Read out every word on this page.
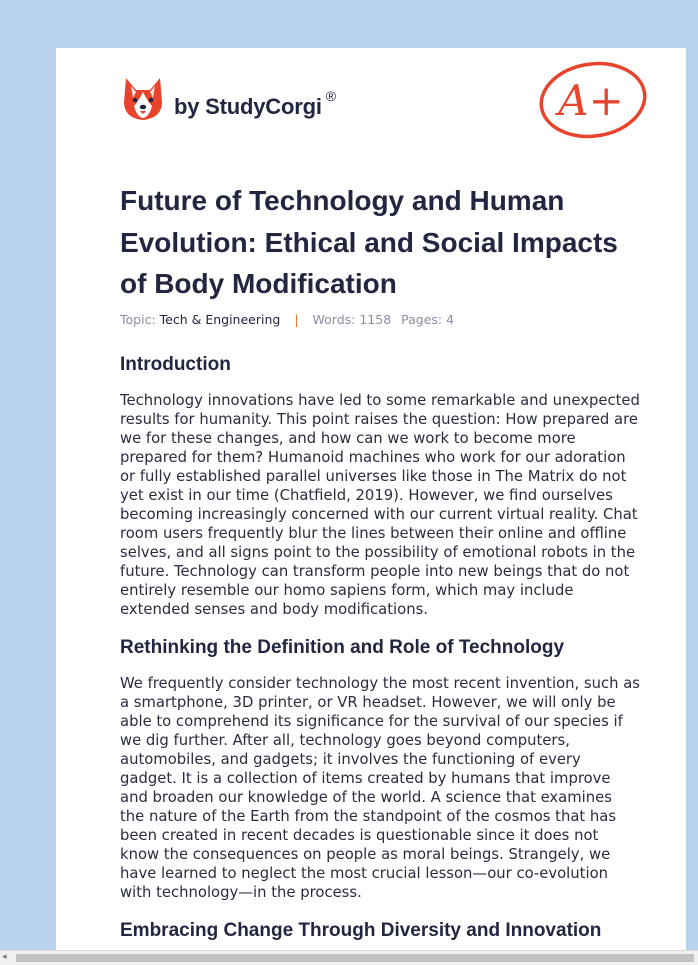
by StudyCorgi ®	A+
Future of Technology and Human Evolution: Ethical and Social Impacts of Body Modification
Topic: Tech & Engineering | Words: 1158 Pages: 4
Introduction

Technology innovations have led to some remarkable and unexpected results for humanity. This point raises the question: How prepared are we for these changes, and how can we work to become more prepared for them? Humanoid machines who work for our adoration or fully established parallel universes like those in The Matrix do not yet exist in our time (Chatfield, 2019). However, we find ourselves becoming increasingly concerned with our current virtual reality. Chat room users frequently blur the lines between their online and offline selves, and all signs point to the possibility of emotional robots in the future. Technology can transform people into new beings that do not entirely resemble our homo sapiens form, which may include extended senses and body modifications.

Rethinking the Definition and Role of Technology

We frequently consider technology the most recent invention, such as a smartphone, 3D printer, or VR headset. However, we will only be able to comprehend its significance for the survival of our species if we dig further. After all, technology goes beyond computers, automobiles, and gadgets; it involves the functioning of every gadget. It is a collection of items created by humans that improve and broaden our knowledge of the world. A science that examines the nature of the Earth from the standpoint of the cosmos that has been created in recent decades is questionable since it does not know the consequences on people as moral beings. Strangely, we have learned to neglect the most crucial lesson—our co-evolution with technology—in the process.

Embracing Change Through Diversity and Innovation
◂
